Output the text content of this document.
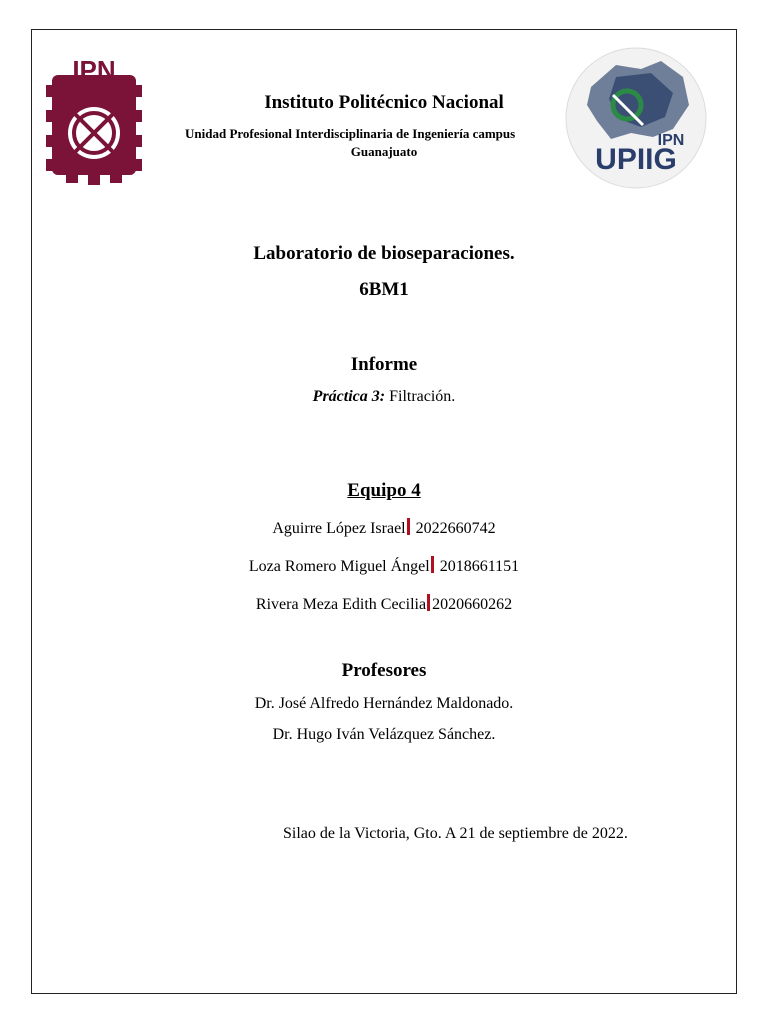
IPN
IPN
UPIIG
Instituto Politécnico Nacional
Unidad Profesional Interdisciplinaria de Ingeniería campus
Guanajuato
Laboratorio de bioseparaciones.
6BM1
Informe
Práctica 3: Filtración.
Equipo 4
Aguirre López Israel 2022660742
Loza Romero Miguel Ángel 2018661151
Rivera Meza Edith Cecilia 2020660262
Profesores
Dr. José Alfredo Hernández Maldonado.
Dr. Hugo Iván Velázquez Sánchez.
Silao de la Victoria, Gto. A 21 de septiembre de 2022.
